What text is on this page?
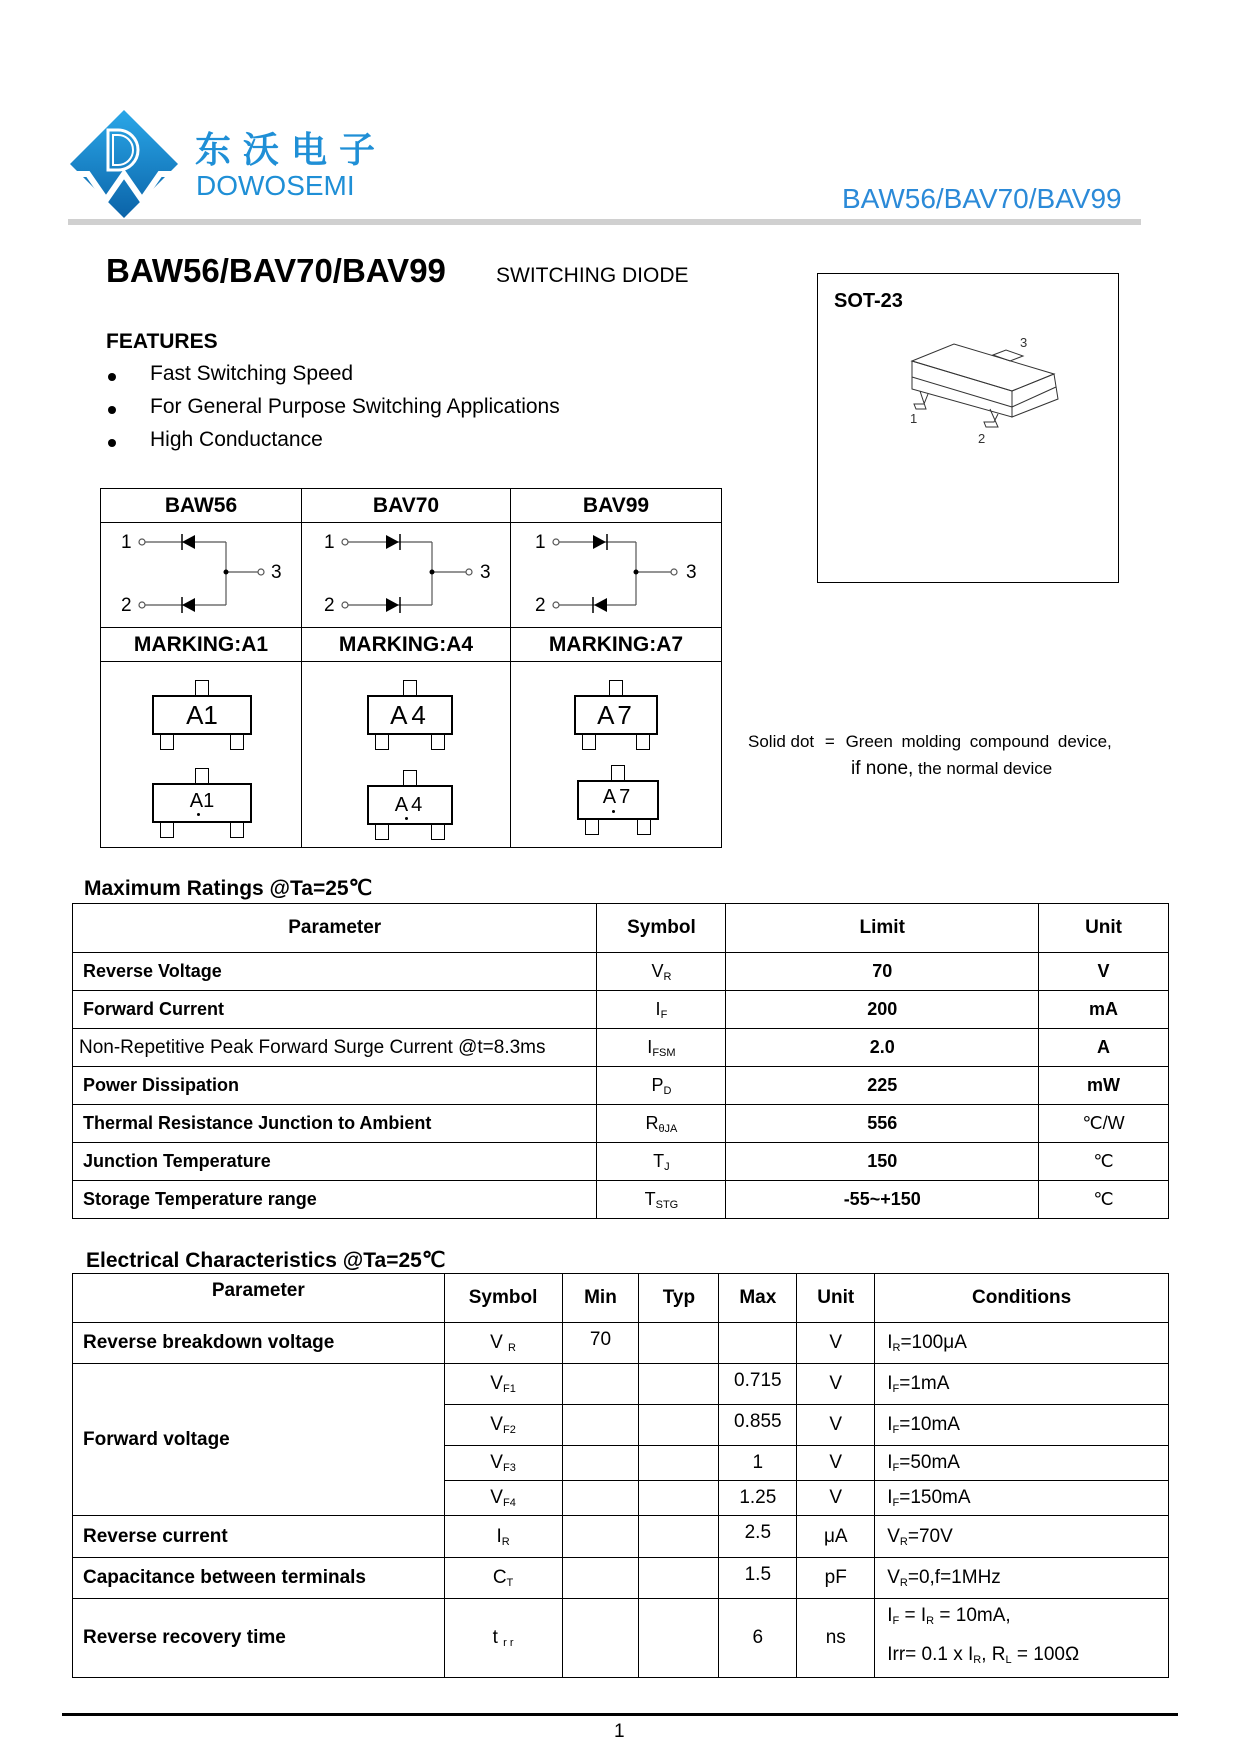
东沃电子
DOWOSEMI	BAW56/BAV70/BAV99
BAW56/BAV70/BAV99 SWITCHING DIODE
FEATURES
Fast Switching Speed
For General Purpose Switching Applications
High Conductance
SOT-23
3
1
2
BAW56	BAV70	BAV99

1
2
3	1
2
3	1
2
3

MARKING:A1	MARKING:A4	MARKING:A7

A1
A1

A4
A4

A7
A7
Solid dot = Green molding compound device,
if none, the normal device
Maximum Ratings @Ta=25℃
Parameter	Symbol	Limit	Unit
Reverse Voltage	$V_R$	70	V
Forward Current	$I_F$	200	mA
Non-Repetitive Peak Forward Surge Current @t=8.3ms	$I_{FSM}$	2.0	A
Power Dissipation	$P_D$	225	mW
Thermal Resistance Junction to Ambient	$R_{\theta JA}$	556	℃/W
Junction Temperature	$T_J$	150	℃
Storage Temperature range	$T_{STG}$	-55~+150	℃
Electrical Characteristics @Ta=25℃
Parameter	Symbol	Min	Typ	Max	Unit	Conditions
Reverse breakdown voltage	V $_R$	70			V	$I_R=100\mu A$
Forward voltage	$V_{F1}$			0.715	V	$I_F=1mA$
	$V_{F2}$			0.855	V	$I_F=10mA$
	$V_{F3}$			1	V	$I_F=50mA$
	$V_{F4}$			1.25	V	$I_F=150mA$
Reverse current	$I_R$			2.5	μA	$V_R=70V$
Capacitance between terminals	$C_T$			1.5	pF	$V_R=0,f=1MHz$
Reverse recovery time	t $_{r r}$			6	ns	$I_F = I_R = 10mA$,
Irr= 0.1 x $I_R$, $R_L = 100\Omega$
1
